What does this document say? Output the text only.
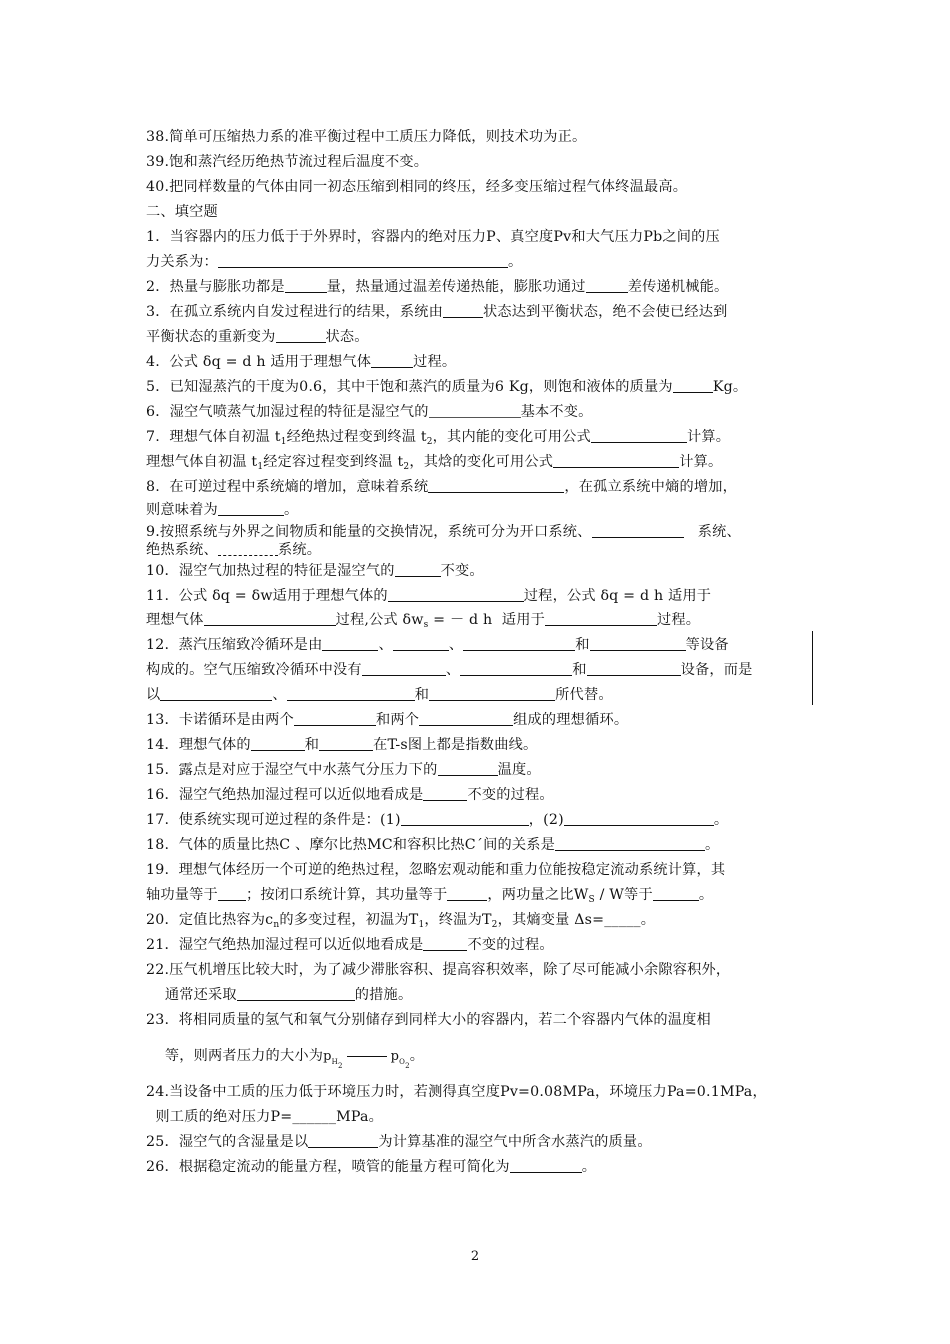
38.简单可压缩热力系的准平衡过程中工质压力降低，则技术功为正。
39.饱和蒸汽经历绝热节流过程后温度不变。
40.把同样数量的气体由同一初态压缩到相同的终压，经多变压缩过程气体终温最高。
二、填空题
1．当容器内的压力低于于外界时，容器内的绝对压力P、真空度Pv和大气压力Pb之间的压
力关系为：	。
2．热量与膨胀功都是	量，热量通过温差传递热能，膨胀功通过	差传递机械能。
3．在孤立系统内自发过程进行的结果，系统由	状态达到平衡状态，绝不会使已经达到
平衡状态的重新变为	状态。
4.  公式 δq = d h 适用于理想气体	过程。
5．已知湿蒸汽的干度为0.6，其中干饱和蒸汽的质量为6 Kg，则饱和液体的质量为	Kg。
6．湿空气喷蒸气加湿过程的特征是湿空气的	基本不变。
7.  理想气体自初温 $t_1$经绝热过程变到终温 $t_2$，其内能的变化可用公式	计算。
理想气体自初温 $t_1$经定容过程变到终温 $t_2$，其焓的变化可用公式	计算。
8.  在可逆过程中系统熵的增加，意味着系统	，在孤立系统中熵的增加，
则意味着为	。
9.按照系统与外界之间物质和能量的交换情况，系统可分为开口系统、	系统、
绝热系统、	系统。
10．湿空气加热过程的特征是湿空气的	不变。
11.  公式 δq = δw适用于理想气体的	过程，公式 δq = d h 适用于
理想气体	过程,公式 $\delta w_s$ = － d h  适用于	过程。
12.  蒸汽压缩致冷循环是由	、	、	和	等设备
构成的。空气压缩致冷循环中没有	、	和	设备，而是
以	、	和	所代替。
13．卡诺循环是由两个	和两个	组成的理想循环。
14．理想气体的	和	在T-s图上都是指数曲线。
15.  露点是对应于湿空气中水蒸气分压力下的	温度。
16．湿空气绝热加湿过程可以近似地看成是	不变的过程。
17.  使系统实现可逆过程的条件是：(1)	，(2)	。
18.  气体的质量比热C 、摩尔比热MC和容积比热C΄间的关系是	。
19.  理想气体经历一个可逆的绝热过程，忽略宏观动能和重力位能按稳定流动系统计算，其
轴功量等于 ；按闭口系统计算，其功量等于	，两功量之比$W_S$ / W等于	。
20．定值比热容为$c_n$的多变过程，初温为$T_1$，终温为$T_2$，其熵变量 Δs=_____。
21．湿空气绝热加湿过程可以近似地看成是	不变的过程。
22.压气机增压比较大时，为了减少滞胀容积、提高容积效率，除了尽可能减小余隙容积外，
通常还采取	的措施。
23.  将相同质量的氢气和氧气分别储存到同样大小的容器内，若二个容器内气体的温度相
等，则两者压力的大小为$p_{H_2}p_{O_2}$。
24.当设备中工质的压力低于环境压力时，若测得真空度Pv=0.08MPa，环境压力Pa=0.1MPa，
则工质的绝对压力P=______MPa。
25．湿空气的含湿量是以	为计算基准的湿空气中所含水蒸汽的质量。
26．根据稳定流动的能量方程，喷管的能量方程可简化为	。
2
